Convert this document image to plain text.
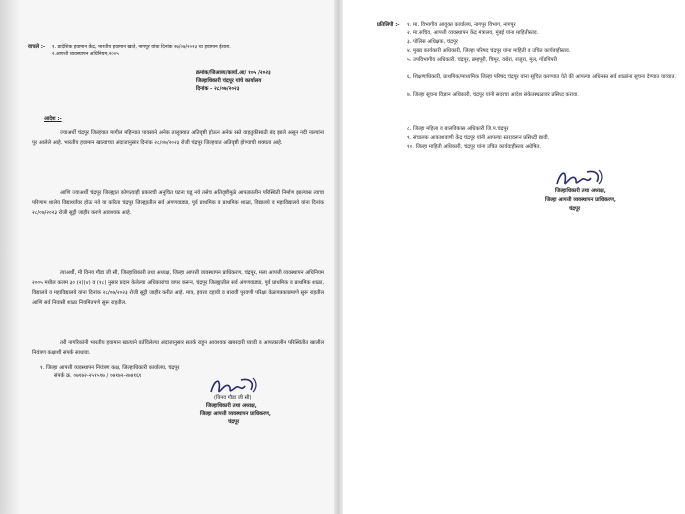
वाचले :- १. प्रादेशिक हवामान केंद्र, भारतीय हवामान खाते, नागपूर यांचा दिनांक २७/०७/२०२३ चा हवामान ईशारा.
२.आपत्ती व्यवस्थापन अधिनियम,२००५
क्रमांक/जिआव्य/कार्या.आ/ १०५ /२०२३
जिल्हाधिकारी चंद्रपूर यांचे कार्यालय
दिनांक - २८/०७/२०२३
आदेश :-
ज्याअर्थी चंद्रपूर जिल्हयात मागील महिन्यात पावसाने अनेक तालुक्यात अतिवृष्टी होऊन अनेक रस्ते वाहतुकीसाठी बंद झाले असून नदी नाल्यांना पूर आलेले आहे. भारतीय हवामान खात्याच्या अंदाजानुसार दिनांक २८/०७/२०२३ रोजी चंद्रपूर जिल्हयात अतिवृष्टी होण्याची शक्यता आहे.
आणि ज्याअर्थी चंद्रपूर जिल्ह्यात कोणत्याही प्रकारची अनुचित घटना घडू नये तसेच अतिवृष्टीमुळे आपत्कालीन परिस्थिती निर्माण झाल्यास त्याचा परिणाम शालेय विद्यार्थ्यांवर होऊ नये या करिता चंद्रपूर जिल्ह्यातील सर्व अंगणवाड्या, पूर्व प्राथमिक व प्राथमिक शाळा, विद्यालये व महाविद्यालये यांना दिनांक २८/०७/२०२३ रोजी सुट्टी जाहीर करणे आवश्यक आहे.
त्याअर्थी, मी विनय गौडा जी सी, जिल्हाधिकारी तथा अध्यक्ष, जिल्हा आपत्ती व्यवस्थापन प्राधिकरण, चंद्रपूर, मला आपत्ती व्यवस्थापन अधिनियम २००५ मधील कलम ३० (२)(v) व (१८) नुसार प्रदान केलेल्या अधिकारांचा वापर करून, चंद्रपूर जिल्ह्यातील सर्व अंगणवाड्या, पूर्व प्राथमिक व प्राथमिक शाळा, विद्यालये व महाविद्यालये यांना दिनांक २८/०७/२०२३ रोजी सुट्टी जाहीर करीत आहे. मात्र, इयत्ता दहावी व बारावी पुरवणी परिक्षा वेळापत्रकाप्रमाणे सुरू राहतील आणि सर्व निवासी शाळा नियमितपणे सुरू राहतील.
तरी नागरिकांनी भारतीय हवामान खात्याने वर्तविलेल्या अंदाजानुसार सतर्क राहून आवश्यक खबरदारी घ्यावी व आपत्कालीन परिस्थितीत खालील नियंत्रण कक्षाशी संपर्क साधावा.
१. जिल्हा आपत्ती व्यवस्थापन नियंत्रण कक्ष, जिल्हाधिकारी कार्यालय, चंद्रपूर
संपर्क क्र. ०७१७२-२५१५९७ / ०७१७२-२७४१६१
(विनय गौडा जी सी)
जिल्हाधिकारी तथा अध्यक्ष,
जिल्हा आपत्ती व्यवस्थापन प्राधिकरण,
चंद्रपूर
प्रतिलिपी :- १. मा. विभागीय आयुक्त कार्यालय, नागपूर विभाग, नागपूर
२. मा.सचिव, आपत्ती व्यवस्थापन केंद्र मंत्रालय, मुंबई यांना माहितीस्तव.
३. पोलिस अधिक्षक, चंद्रपूर
४. मुख्य कार्यकारी अधिकारी, जिल्हा परिषद चंद्रपूर यांना माहिती व उचित कार्यवाहीस्तव.
५. उपविभागीय अधिकारी, चंद्रपूर, ब्रम्हपूरी, चिमूर, वरोरा, राजुरा, मूल, गोंडपिपरी
६. शिक्षणाधिकारी, प्राथमिक/माध्यमिक जिल्हा परिषद चंद्रपूर यांना सूचित करण्यात येते की आपल्या अधिनस्त सर्व शाळांना सुचना देण्यात याव्यात.
७. जिल्हा सूचना विज्ञान अधिकारी, चंद्रपूर यांनी सदरचा आदेश संकेतस्थळावर प्रसिध्द करावा.
८. जिल्हा महिला व बालविकास अधिकारी जि.प.चंद्रपूर
९. संचालक आकाशवाणी केंद्र चंद्रपूर यांनी आपल्या स्तरावरून प्रसिध्दी द्यावी.
१०. जिल्हा माहिती अधिकारी, चंद्रपूर यांना उचित कार्यवाहीस्तव अग्रेषित.
जिल्हाधिकारी तथा अध्यक्ष,
जिल्हा आपत्ती व्यवस्थापन प्राधिकरण,
चंद्रपूर
